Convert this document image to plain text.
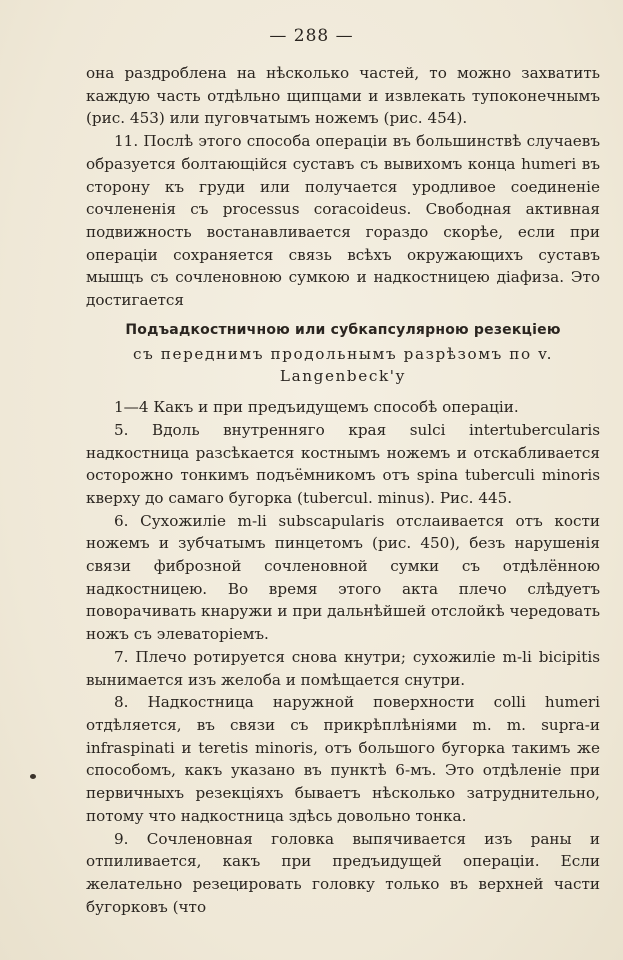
— 288 —

она раздроблена на нѣсколько частей, то можно захватить каждую часть отдѣльно щипцами и извлекать тупоконечнымъ (рис. 453) или пуговчатымъ ножемъ (рис. 454).

11. Послѣ этого способа операціи въ большинствѣ случаевъ образуется болтающійся суставъ съ вывихомъ конца humeri въ сторону къ груди или получается уродливое соединеніе сочлененія съ processus coracoideus. Свободная активная подвижность востанавливается гораздо скорѣе, если при операціи сохраняется связь всѣхъ окружающихъ суставъ мышцъ съ сочленовною сумкою и надкостницею діафиза. Это достигается

Подъадкостничною или субкапсулярною резекціею
съ переднимъ продольнымъ разрѣзомъ по v. Langenbeck'у

1—4 Какъ и при предъидущемъ способѣ операціи.

5. Вдоль внутренняго края sulci intertubercularis надкостница разсѣкается костнымъ ножемъ и отскабливается осторожно тонкимъ подъёмникомъ отъ spina tuberculi minoris кверху до самаго бугорка (tubercul. minus). Рис. 445.

6. Сухожиліе m-li subscapularis отслаивается отъ кости ножемъ и зубчатымъ пинцетомъ (рис. 450), безъ нарушенія связи фиброзной сочленовной сумки съ отдѣлённою надкостницею. Во время этого акта плечо слѣдуетъ поворачивать кнаружи и при дальнѣйшей отслойкѣ чередовать ножъ съ элеваторіемъ.

7. Плечо ротируется снова кнутри; сухожиліе m-li bicipitis вынимается изъ желоба и помѣщается снутри.

8. Надкостница наружной поверхности colli humeri отдѣляется, въ связи съ прикрѣплѣніями m. m. supra-и infraspinati и teretis minoris, отъ большого бугорка такимъ же способомъ, какъ указано въ пунктѣ 6-мъ. Это отдѣленіе при первичныхъ резекціяхъ бываетъ нѣсколько затруднительно, потому что надкостница здѣсь довольно тонка.

9. Сочленовная головка выпячивается изъ раны и отпиливается, какъ при предъидущей операціи. Если желательно резецировать головку только въ верхней части бугорковъ (что
